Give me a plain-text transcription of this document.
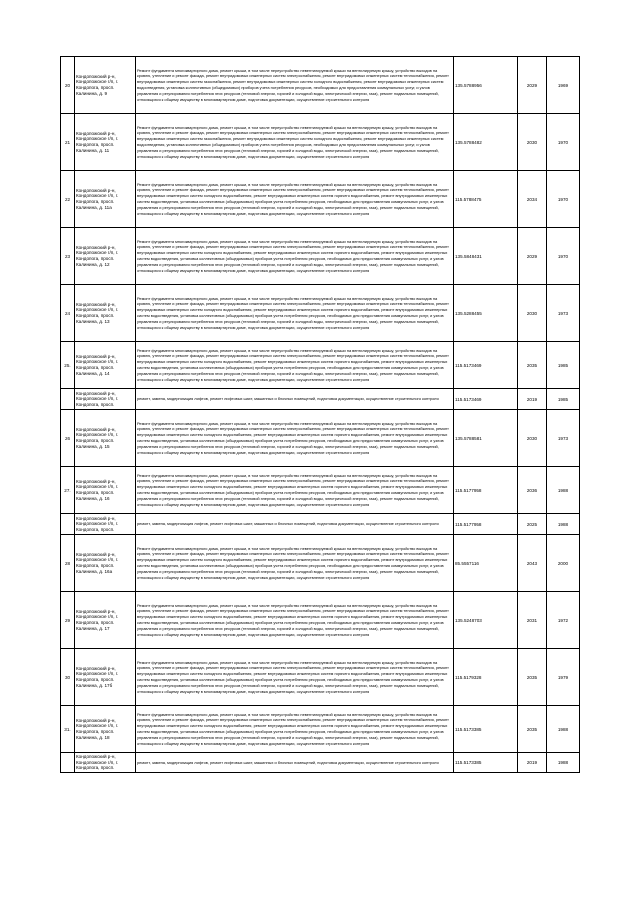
20	Кондопожский р-н, Кондопожское г/п, г. Кондопога, просп. Калинина, д. 9	Ремонт фундамента многоквартирного дома, ремонт крыши, в том числе переустройство невентилируемой крыши на вентилируемую крышу, устройство выходов на кровлю, утепление и ремонт фасада, ремонт внутридомовых инженерных систем электроснабжения, ремонт внутридомовых инженерных систем теплоснабжения, ремонт внутридомовых инженерных систем газоснабжения, ремонт внутридомовых инженерных систем холодного водоснабжения, ремонт внутридомовых инженерных систем водоотведения, установка коллективных (общедомовых) приборов учета потребления ресурсов, необходимых для предоставления коммунальных услуг, и узлов управления и регулирования потребления этих ресурсов (тепловой энергии, горячей и холодной воды, электрической энергии, газа), ремонт подвальных помещений, относящихся к общему имуществу в многоквартирном доме, подготовка документации, осуществление строительного контроля	135.5788956	2029	1969

21	Кондопожский р-н, Кондопожское г/п, г. Кондопога, просп. Калинина, д. 11	Ремонт фундамента многоквартирного дома, ремонт крыши, в том числе переустройство невентилируемой крыши на вентилируемую крышу, устройство выходов на кровлю, утепление и ремонт фасада, ремонт внутридомовых инженерных систем электроснабжения, ремонт внутридомовых инженерных систем теплоснабжения, ремонт внутридомовых инженерных систем газоснабжения, ремонт внутридомовых инженерных систем холодного водоснабжения, ремонт внутридомовых инженерных систем водоотведения, установка коллективных (общедомовых) приборов учета потребления ресурсов, необходимых для предоставления коммунальных услуг, и узлов управления и регулирования потребления этих ресурсов (тепловой энергии, горячей и холодной воды, электрической энергии, газа), ремонт подвальных помещений, относящихся к общему имуществу в многоквартирном доме, подготовка документации, осуществление строительного контроля	135.5788482	2030	1970

22	Кондопожский р-н, Кондопожское г/п, г. Кондопога, просп. Калинина, д. 11а	Ремонт фундамента многоквартирного дома, ремонт крыши, в том числе переустройство невентилируемой крыши на вентилируемую крышу, устройство выходов на кровлю, утепление и ремонт фасада, ремонт внутридомовых инженерных систем электроснабжения, ремонт внутридомовых инженерных систем теплоснабжения, ремонт внутридомовых инженерных систем холодного водоснабжения, ремонт внутридомовых инженерных систем горячего водоснабжения, ремонт внутридомовых инженерных систем водоотведения, установка коллективных (общедомовых) приборов учета потребления ресурсов, необходимых для предоставления коммунальных услуг, и узлов управления и регулирования потребления этих ресурсов (тепловой энергии, горячей и холодной воды, электрической энергии, газа), ремонт подвальных помещений, относящихся к общему имуществу в многоквартирном доме, подготовка документации, осуществление строительного контроля	115.5788475	2034	1970

23	Кондопожский р-н, Кондопожское г/п, г. Кондопога, просп. Калинина, д. 12	Ремонт фундамента многоквартирного дома, ремонт крыши, в том числе переустройство невентилируемой крыши на вентилируемую крышу, устройство выходов на кровлю, утепление и ремонт фасада, ремонт внутридомовых инженерных систем электроснабжения, ремонт внутридомовых инженерных систем теплоснабжения, ремонт внутридомовых инженерных систем холодного водоснабжения, ремонт внутридомовых инженерных систем горячего водоснабжения, ремонт внутридомовых инженерных систем водоотведения, установка коллективных (общедомовых) приборов учета потребления ресурсов, необходимых для предоставления коммунальных услуг, и узлов управления и регулирования потребления этих ресурсов (тепловой энергии, горячей и холодной воды, электрической энергии, газа), ремонт подвальных помещений, относящихся к общему имуществу в многоквартирном доме, подготовка документации, осуществление строительного контроля	135.5848431	2029	1970

24	Кондопожский р-н, Кондопожское г/п, г. Кондопога, просп. Калинина, д. 13	Ремонт фундамента многоквартирного дома, ремонт крыши, в том числе переустройство невентилируемой крыши на вентилируемую крышу, устройство выходов на кровлю, утепление и ремонт фасада, ремонт внутридомовых инженерных систем электроснабжения, ремонт внутридомовых инженерных систем теплоснабжения, ремонт внутридомовых инженерных систем холодного водоснабжения, ремонт внутридомовых инженерных систем горячего водоснабжения, ремонт внутридомовых инженерных систем водоотведения, установка коллективных (общедомовых) приборов учета потребления ресурсов, необходимых для предоставления коммунальных услуг, и узлов управления и регулирования потребления этих ресурсов (тепловой энергии, горячей и холодной воды, электрической энергии, газа), ремонт подвальных помещений, относящихся к общему имуществу в многоквартирном доме, подготовка документации, осуществление строительного контроля	135.5288455	2030	1973

25.	Кондопожский р-н, Кондопожское г/п, г. Кондопога, просп. Калинина, д. 14	Ремонт фундамента многоквартирного дома, ремонт крыши, в том числе переустройство невентилируемой крыши на вентилируемую крышу, устройство выходов на кровлю, утепление и ремонт фасада, ремонт внутридомовых инженерных систем электроснабжения, ремонт внутридомовых инженерных систем теплоснабжения, ремонт внутридомовых инженерных систем холодного водоснабжения, ремонт внутридомовых инженерных систем горячего водоснабжения, ремонт внутридомовых инженерных систем водоотведения, установка коллективных (общедомовых) приборов учета потребления ресурсов, необходимых для предоставления коммунальных услуг, и узлов управления и регулирования потребления этих ресурсов (тепловой энергии, горячей и холодной воды, электрической энергии, газа), ремонт подвальных помещений, относящихся к общему имуществу в многоквартирном доме, подготовка документации, осуществление строительного контроля	115.5173469	2035	1985

	Кондопожский р-н, Кондопожское г/п, г. Кондопога, просп.	ремонт, замена, модернизация лифтов, ремонт лифтовых шахт, машинных и блочных помещений, подготовка документации, осуществление строительного контроля	115.5173469	2019	1985

26	Кондопожский р-н, Кондопожское г/п, г. Кондопога, просп. Калинина, д. 15	Ремонт фундамента многоквартирного дома, ремонт крыши, в том числе переустройство невентилируемой крыши на вентилируемую крышу, устройство выходов на кровлю, утепление и ремонт фасада, ремонт внутридомовых инженерных систем электроснабжения, ремонт внутридомовых инженерных систем теплоснабжения, ремонт внутридомовых инженерных систем холодного водоснабжения, ремонт внутридомовых инженерных систем горячего водоснабжения, ремонт внутридомовых инженерных систем водоотведения, установка коллективных (общедомовых) приборов учета потребления ресурсов, необходимых для предоставления коммунальных услуг, и узлов управления и регулирования потребления этих ресурсов (тепловой энергии, горячей и холодной воды, электрической энергии, газа), ремонт подвальных помещений, относящихся к общему имуществу в многоквартирном доме, подготовка документации, осуществление строительного контроля	135.5788581	2030	1973

27.	Кондопожский р-н, Кондопожское г/п, г. Кондопога, просп. Калинина, д. 16	Ремонт фундамента многоквартирного дома, ремонт крыши, в том числе переустройство невентилируемой крыши на вентилируемую крышу, устройство выходов на кровлю, утепление и ремонт фасада, ремонт внутридомовых инженерных систем электроснабжения, ремонт внутридомовых инженерных систем теплоснабжения, ремонт внутридомовых инженерных систем холодного водоснабжения, ремонт внутридомовых инженерных систем горячего водоснабжения, ремонт внутридомовых инженерных систем водоотведения, установка коллективных (общедомовых) приборов учета потребления ресурсов, необходимых для предоставления коммунальных услуг, и узлов управления и регулирования потребления этих ресурсов (тепловой энергии, горячей и холодной воды, электрической энергии, газа), ремонт подвальных помещений, относящихся к общему имуществу в многоквартирном доме, подготовка документации, осуществление строительного контроля	115.5177958	2036	1988

	Кондопожский р-н, Кондопожское г/п, г. Кондопога, просп.	ремонт, замена, модернизация лифтов, ремонт лифтовых шахт, машинных и блочных помещений, подготовка документации, осуществление строительного контроля	115.5177958	2025	1988

28	Кондопожский р-н, Кондопожское г/п, г. Кондопога, просп. Калинина, д. 16а	Ремонт фундамента многоквартирного дома, ремонт крыши, в том числе переустройство невентилируемой крыши на вентилируемую крышу, устройство выходов на кровлю, утепление и ремонт фасада, ремонт внутридомовых инженерных систем электроснабжения, ремонт внутридомовых инженерных систем теплоснабжения, ремонт внутридомовых инженерных систем холодного водоснабжения, ремонт внутридомовых инженерных систем горячего водоснабжения, ремонт внутридомовых инженерных систем водоотведения, установка коллективных (общедомовых) приборов учета потребления ресурсов, необходимых для предоставления коммунальных услуг, и узлов управления и регулирования потребления этих ресурсов (тепловой энергии, горячей и холодной воды, электрической энергии, газа), ремонт подвальных помещений, относящихся к общему имуществу в многоквартирном доме, подготовка документации, осуществление строительного контроля	85.5557116	2043	2000

29	Кондопожский р-н, Кондопожское г/п, г. Кондопога, просп. Калинина, д. 17	Ремонт фундамента многоквартирного дома, ремонт крыши, в том числе переустройство невентилируемой крыши на вентилируемую крышу, устройство выходов на кровлю, утепление и ремонт фасада, ремонт внутридомовых инженерных систем электроснабжения, ремонт внутридомовых инженерных систем теплоснабжения, ремонт внутридомовых инженерных систем холодного водоснабжения, ремонт внутридомовых инженерных систем горячего водоснабжения, ремонт внутридомовых инженерных систем водоотведения, установка коллективных (общедомовых) приборов учета потребления ресурсов, необходимых для предоставления коммунальных услуг, и узлов управления и регулирования потребления этих ресурсов (тепловой энергии, горячей и холодной воды, электрической энергии, газа), ремонт подвальных помещений, относящихся к общему имуществу в многоквартирном доме, подготовка документации, осуществление строительного контроля	135.5248703	2031	1972

30	Кондопожский р-н, Кондопожское г/п, г. Кондопога, просп. Калинина, д. 17б	Ремонт фундамента многоквартирного дома, ремонт крыши, в том числе переустройство невентилируемой крыши на вентилируемую крышу, устройство выходов на кровлю, утепление и ремонт фасада, ремонт внутридомовых инженерных систем электроснабжения, ремонт внутридомовых инженерных систем теплоснабжения, ремонт внутридомовых инженерных систем холодного водоснабжения, ремонт внутридомовых инженерных систем горячего водоснабжения, ремонт внутридомовых инженерных систем водоотведения, установка коллективных (общедомовых) приборов учета потребления ресурсов, необходимых для предоставления коммунальных услуг, и узлов управления и регулирования потребления этих ресурсов (тепловой энергии, горячей и холодной воды, электрической энергии, газа), ремонт подвальных помещений, относящихся к общему имуществу в многоквартирном доме, подготовка документации, осуществление строительного контроля	115.5179328	2035	1979

31.	Кондопожский р-н, Кондопожское г/п, г. Кондопога, просп. Калинина, д. 18	Ремонт фундамента многоквартирного дома, ремонт крыши, в том числе переустройство невентилируемой крыши на вентилируемую крышу, устройство выходов на кровлю, утепление и ремонт фасада, ремонт внутридомовых инженерных систем электроснабжения, ремонт внутридомовых инженерных систем теплоснабжения, ремонт внутридомовых инженерных систем холодного водоснабжения, ремонт внутридомовых инженерных систем горячего водоснабжения, ремонт внутридомовых инженерных систем водоотведения, установка коллективных (общедомовых) приборов учета потребления ресурсов, необходимых для предоставления коммунальных услуг, и узлов управления и регулирования потребления этих ресурсов (тепловой энергии, горячей и холодной воды, электрической энергии, газа), ремонт подвальных помещений, относящихся к общему имуществу в многоквартирном доме, подготовка документации, осуществление строительного контроля	115.5173385	2035	1988

	Кондопожский р-н, Кондопожское г/п, г. Кондопога, просп.	ремонт, замена, модернизация лифтов, ремонт лифтовых шахт, машинных и блочных помещений, подготовка документации, осуществление строительного контроля	115.5173385	2019	1988
